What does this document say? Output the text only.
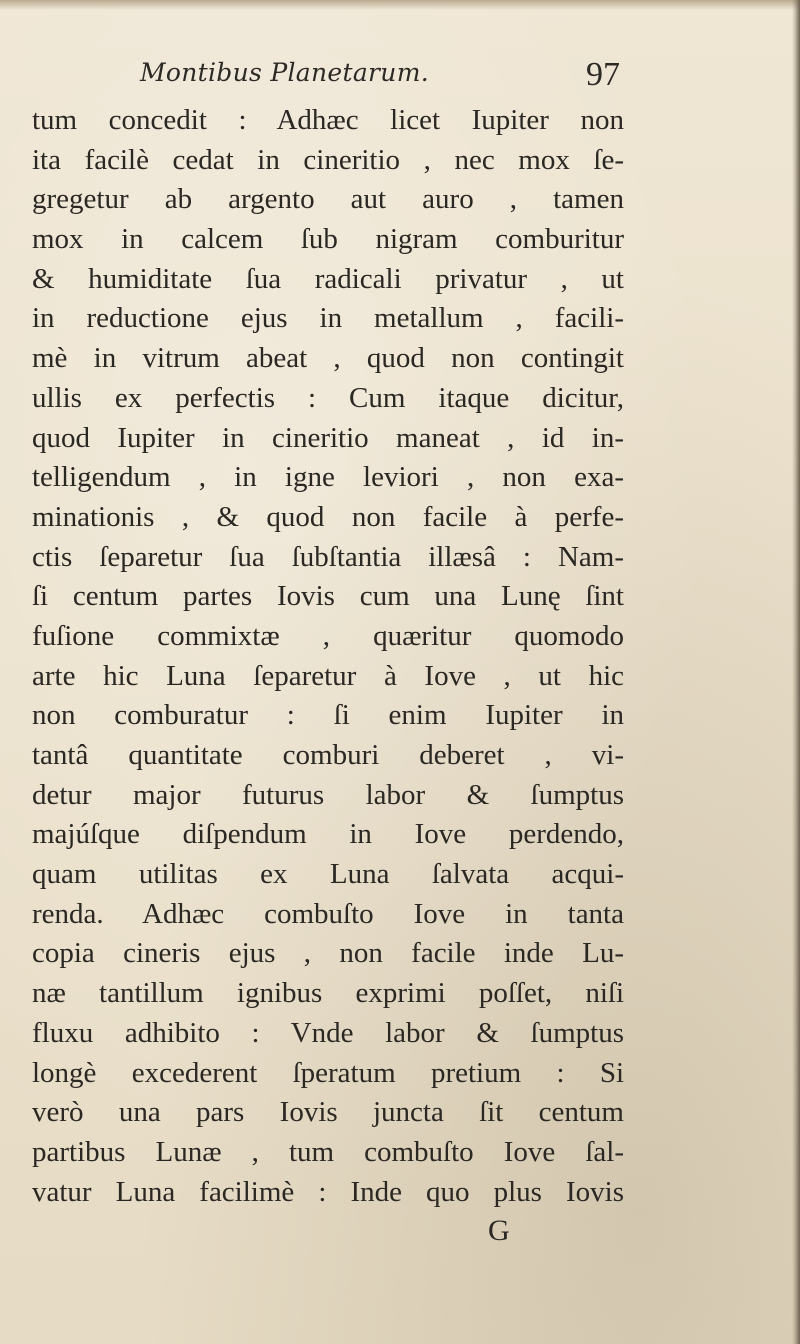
Montibus Planetarum.	97
tum concedit : Adhæc licet Iupiter non
ita facilè cedat in cineritio , nec mox ſe-
gregetur ab argento aut auro , tamen
mox in calcem ſub nigram comburitur
& humiditate ſua radicali privatur , ut
in reductione ejus in metallum , facili-
mè in vitrum abeat , quod non contingit
ullis ex perfectis : Cum itaque dicitur,
quod Iupiter in cineritio maneat , id in-
telligendum , in igne leviori , non exa-
minationis , & quod non facile à perfe-
ctis ſeparetur ſua ſubſtantia illæsâ : Nam-
ſi centum partes Iovis cum una Lunę ſint
fuſione commixtæ , quæritur quomodo
arte hic Luna ſeparetur à Iove , ut hic
non comburatur : ſi enim Iupiter in
tantâ quantitate comburi deberet , vi-
detur major futurus labor & ſumptus
majúſque diſpendum in Iove perdendo,
quam utilitas ex Luna ſalvata acqui-
renda. Adhæc combuſto Iove in tanta
copia cineris ejus , non facile inde Lu-
næ tantillum ignibus exprimi poſſet, niſi
fluxu adhibito : Vnde labor & ſumptus
longè excederent ſperatum pretium : Si
verò una pars Iovis juncta ſit centum
partibus Lunæ , tum combuſto Iove ſal-
vatur Luna facilimè : Inde quo plus Iovis
G
